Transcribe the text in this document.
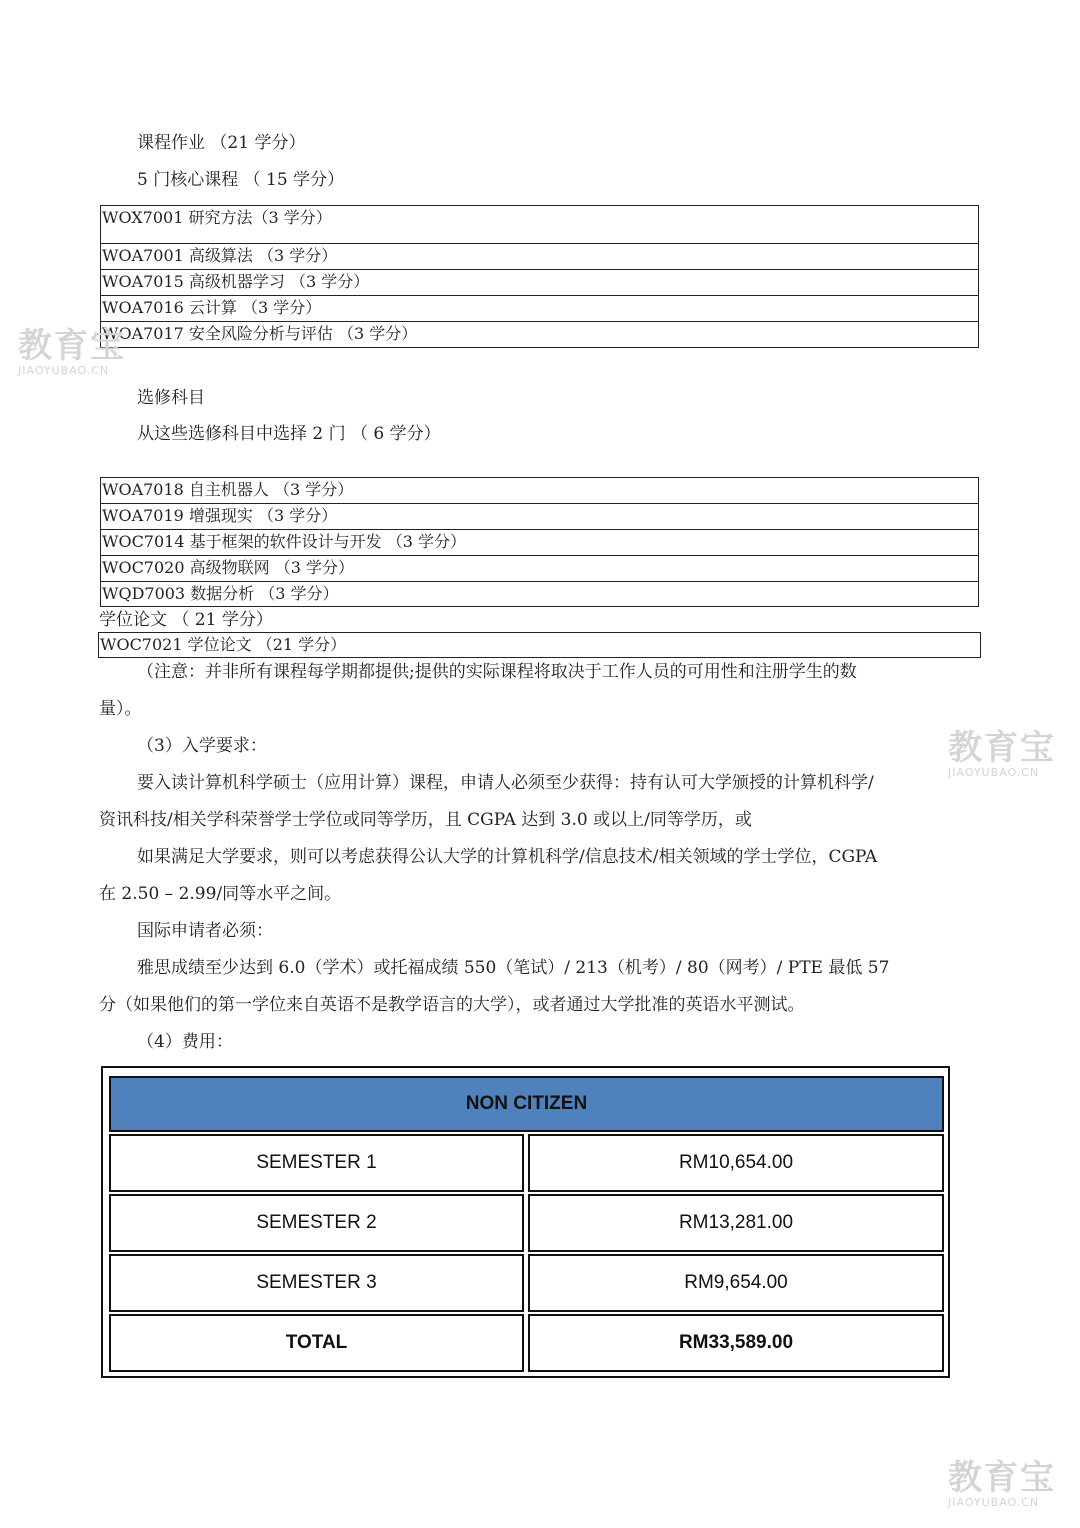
课程作业 （21 学分）
5 门核心课程 （ 15 学分）
WOX7001 研究方法（3 学分）
WOA7001 高级算法 （3 学分）
WOA7015 高级机器学习 （3 学分）
WOA7016 云计算 （3 学分）
WOA7017 安全风险分析与评估 （3 学分）
选修科目
从这些选修科目中选择 2 门 （ 6 学分）
WOA7018 自主机器人 （3 学分）
WOA7019 增强现实 （3 学分）
WOC7014 基于框架的软件设计与开发 （3 学分）
WOC7020 高级物联网 （3 学分）
WQD7003 数据分析 （3 学分）
学位论文 （ 21 学分）
WOC7021 学位论文 （21 学分）
（注意：并非所有课程每学期都提供;提供的实际课程将取决于工作人员的可用性和注册学生的数
量）。
（3）入学要求：
要入读计算机科学硕士（应用计算）课程，申请人必须至少获得：持有认可大学颁授的计算机科学/
资讯科技/相关学科荣誉学士学位或同等学历，且 CGPA 达到 3.0 或以上/同等学历，或
如果满足大学要求，则可以考虑获得公认大学的计算机科学/信息技术/相关领域的学士学位，CGPA
在 2.50 – 2.99/同等水平之间。
国际申请者必须：
雅思成绩至少达到 6.0（学术）或托福成绩 550（笔试）/ 213（机考）/ 80（网考）/ PTE 最低 57
分（如果他们的第一学位来自英语不是教学语言的大学），或者通过大学批准的英语水平测试。
（4）费用：
NON CITIZEN
SEMESTER 1	RM10,654.00
SEMESTER 2	RM13,281.00
SEMESTER 3	RM9,654.00
TOTAL	RM33,589.00
教育宝
JIAOYUBAO.CN
教育宝
JIAOYUBAO.CN
教育宝
JIAOYUBAO.CN
